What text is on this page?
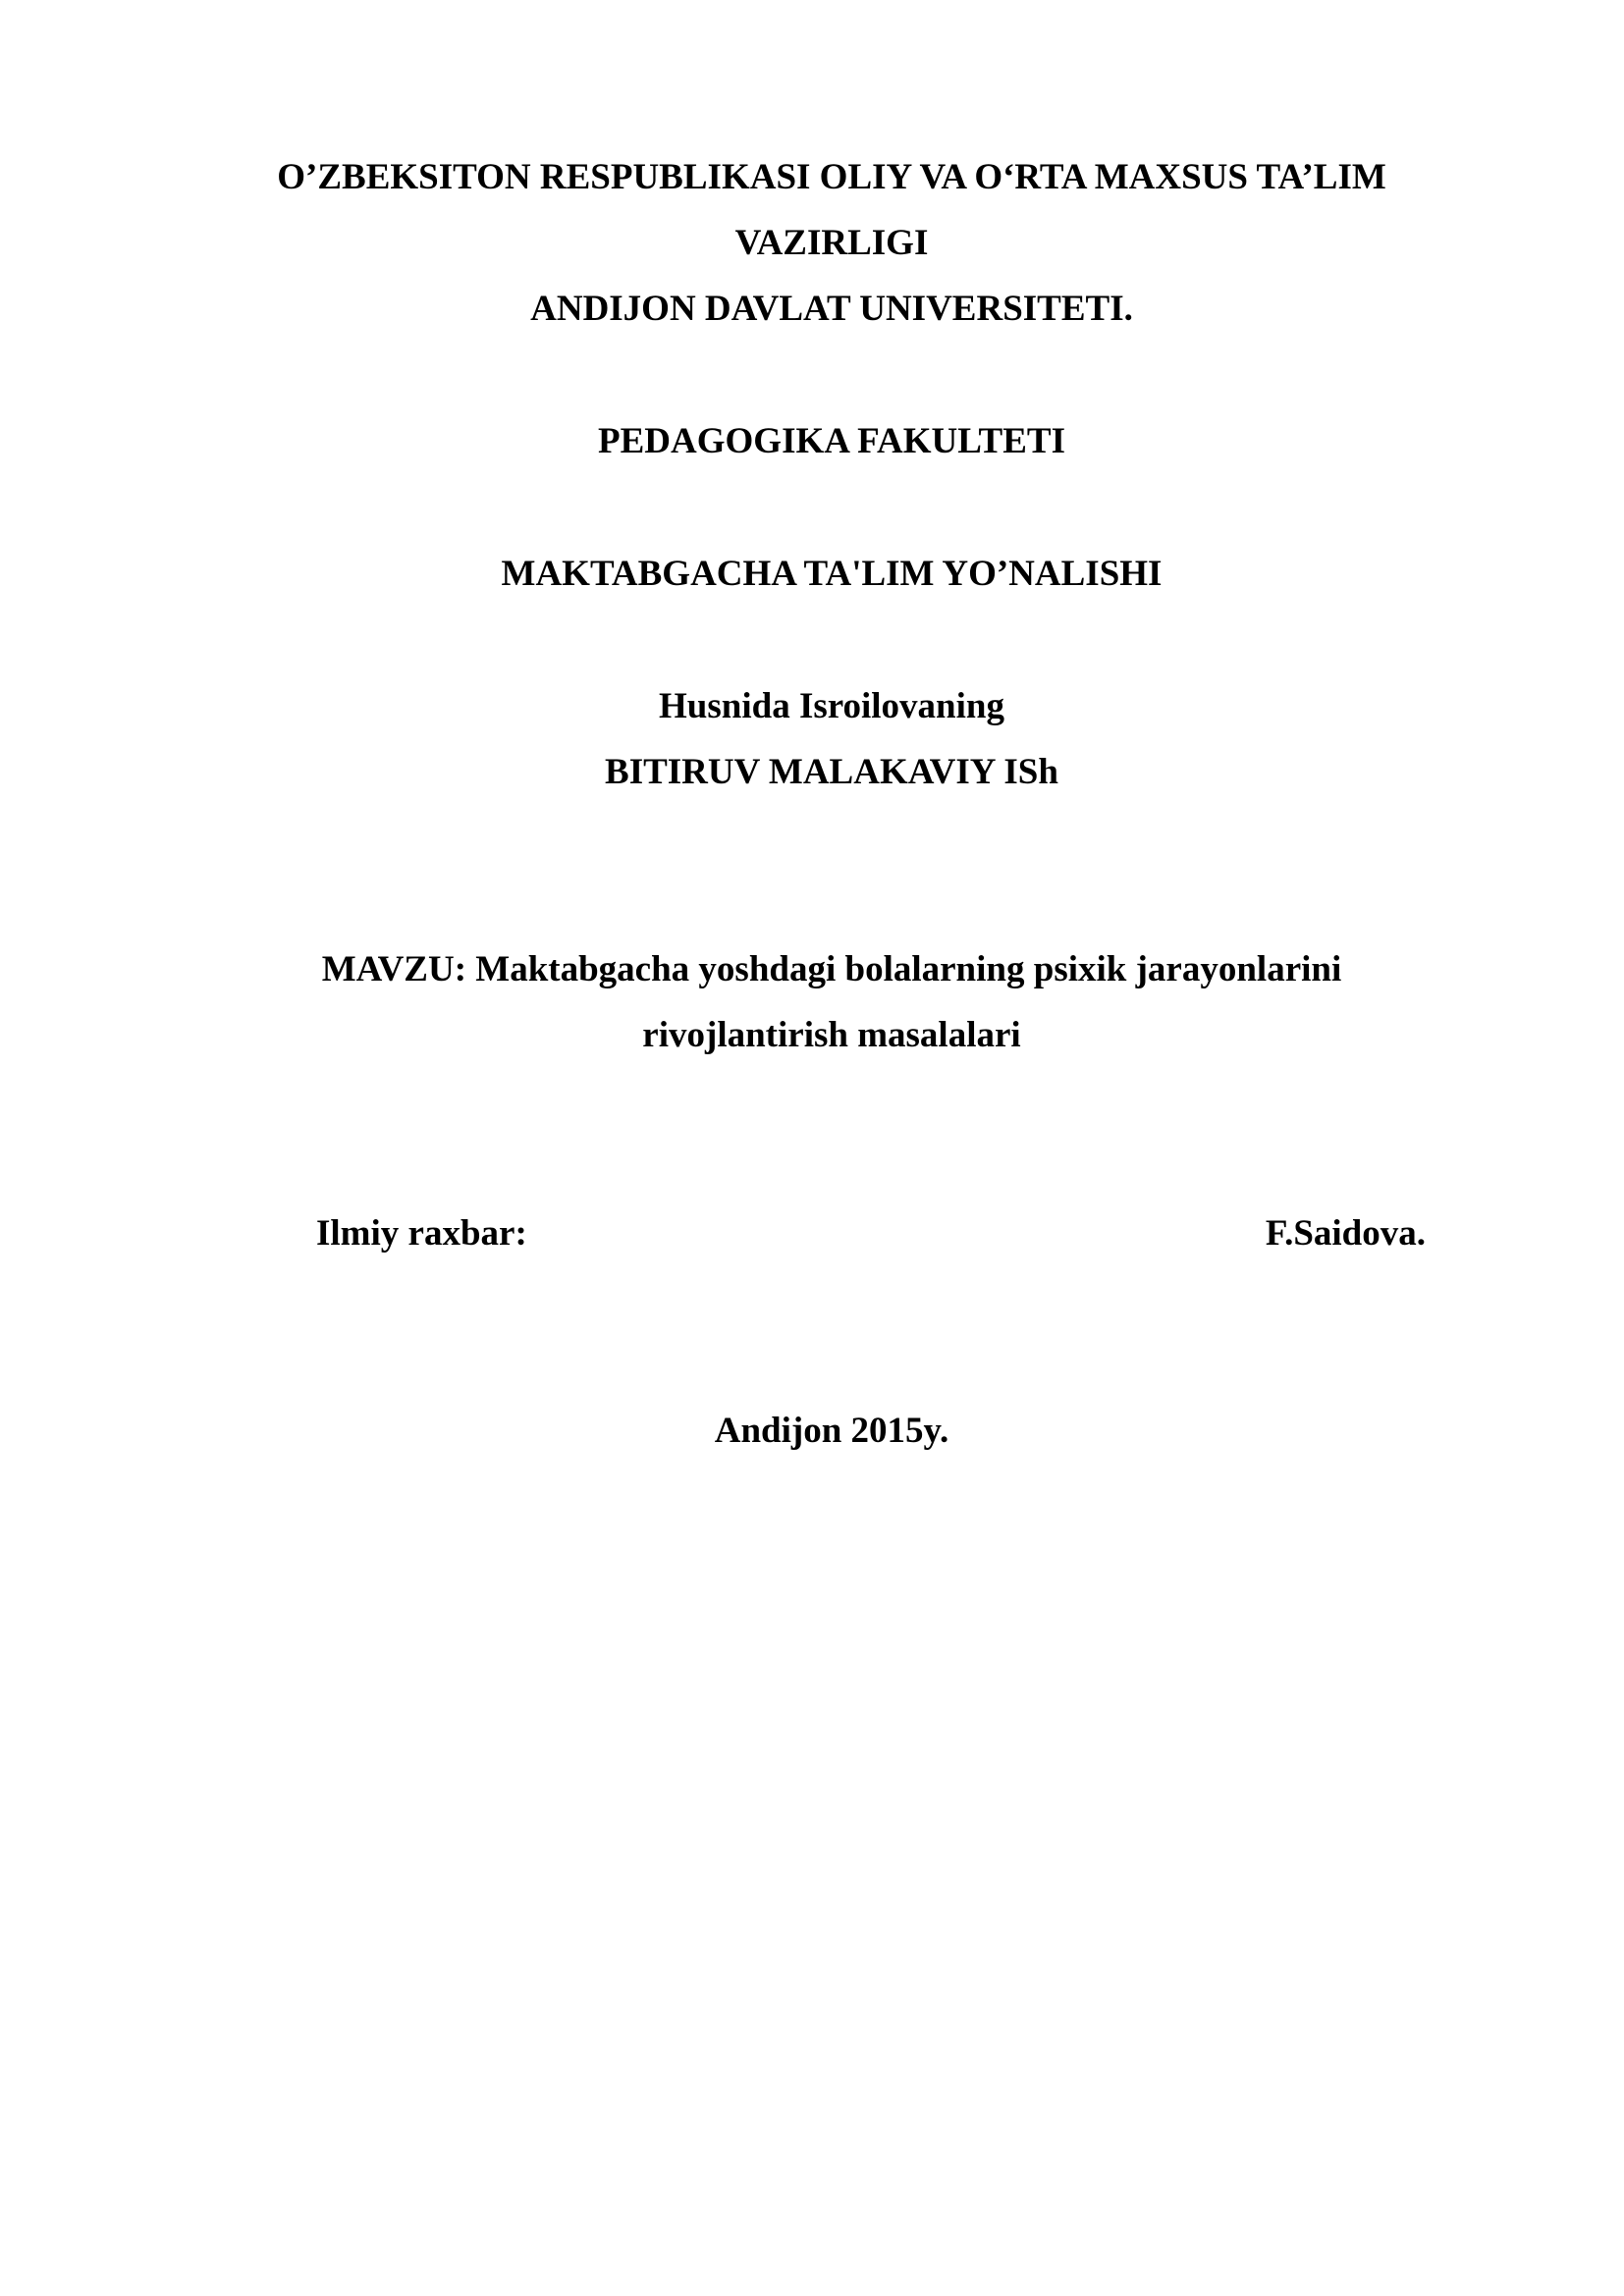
O’ZBEKSITON RESPUBLIKASI OLIY VA O‘RTA MAXSUS TA’LIM
VAZIRLIGI
ANDIJON DAVLAT UNIVERSITETI.
PEDAGOGIKA FAKULTETI
MAKTABGACHA TA'LIM YO’NALISHI
Husnida Isroilovaning
BITIRUV MALAKAVIY ISh
MAVZU: Maktabgacha yoshdagi bolalarning psixik jarayonlarini
rivojlantirish masalalari
Ilmiy raxbar:	F.Saidova.
Andijon 2015y.
